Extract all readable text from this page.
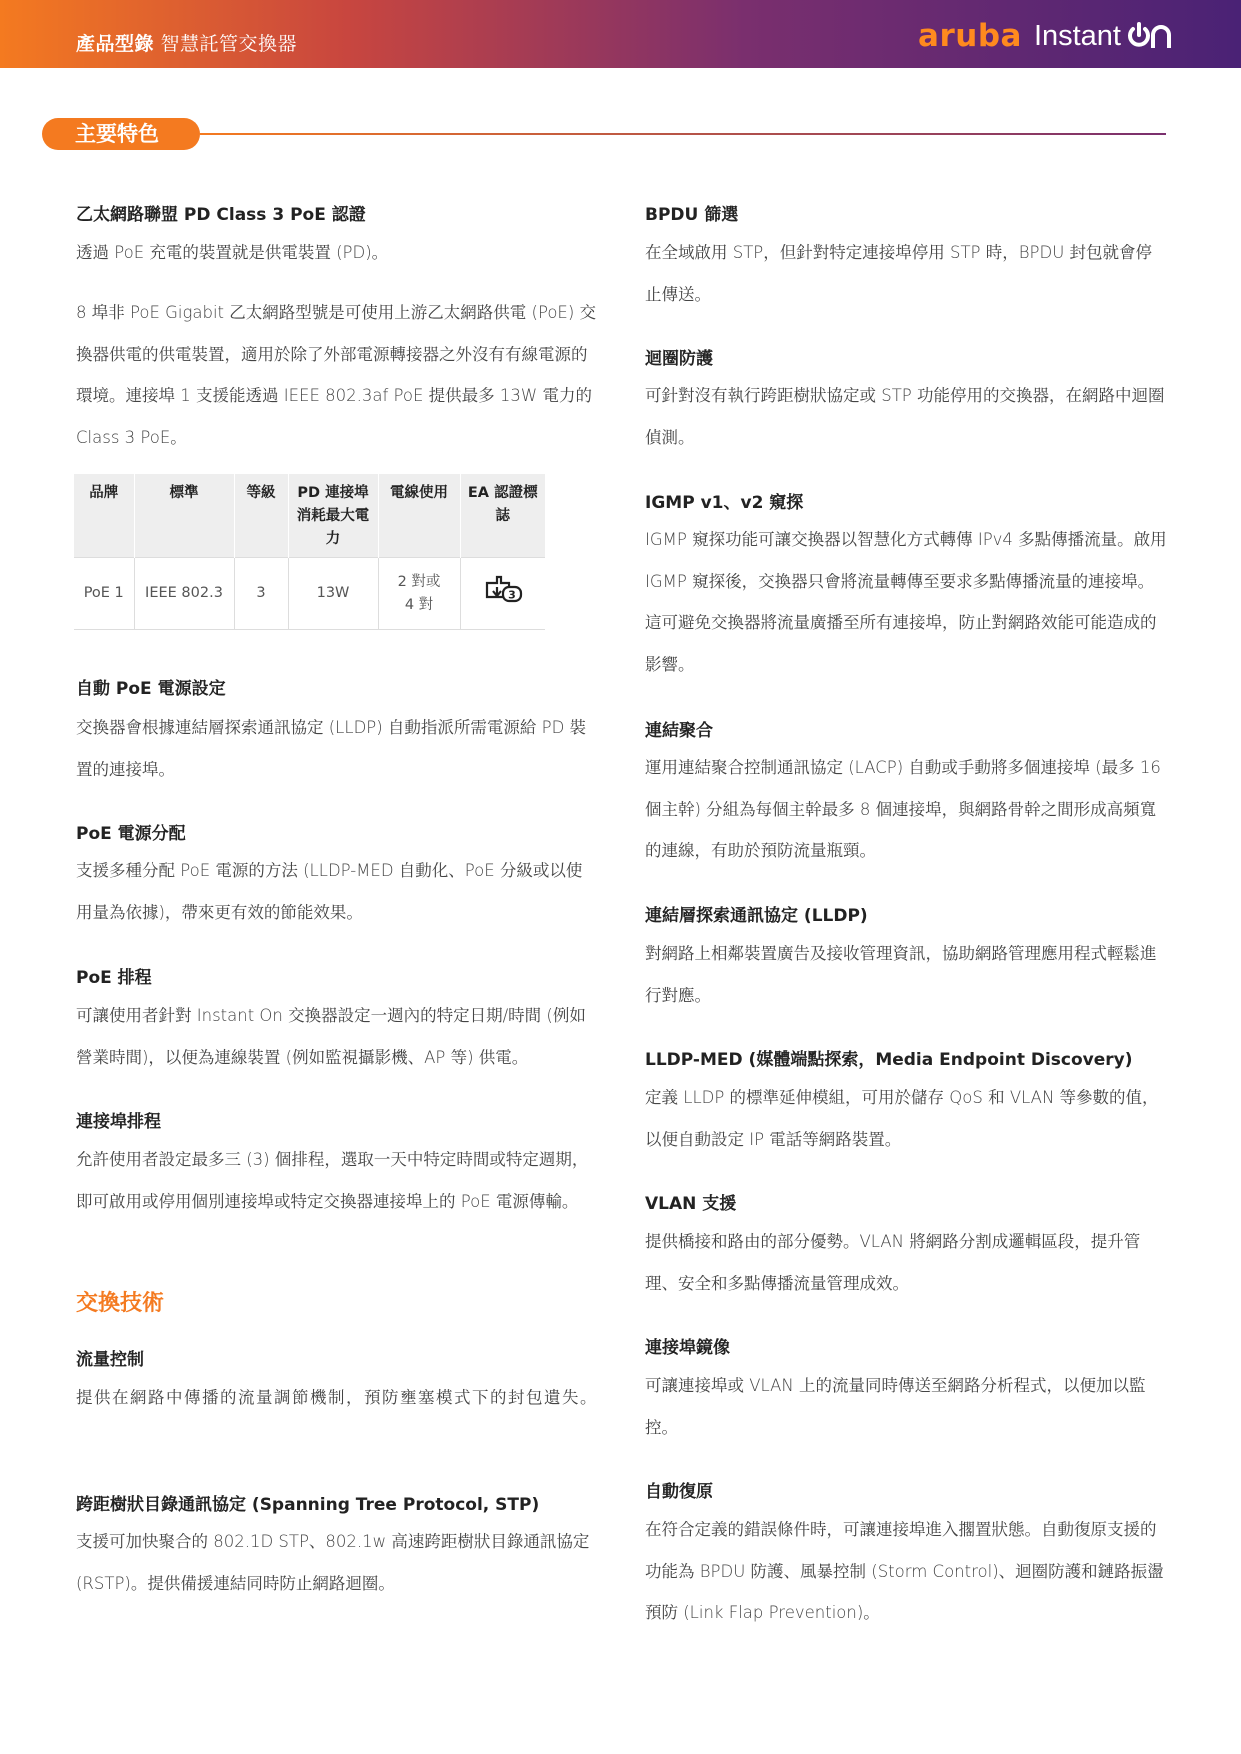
產品型錄 智慧託管交換器	aruba Instant
主要特色
乙太網路聯盟 PD Class 3 PoE 認證

透過 PoE 充電的裝置就是供電裝置 (PD)。

8 埠非 PoE Gigabit 乙太網路型號是可使用上游乙太網路供電 (PoE) 交換器供電的供電裝置，適用於除了外部電源轉接器之外沒有有線電源的環境。連接埠 1 支援能透過 IEEE 802.3af PoE 提供最多 13W 電力的 Class 3 PoE。

品牌	標準	等級	PD 連接埠消耗最大電力	電線使用	EA 認證標誌
PoE 1	IEEE 802.3	3	13W	2 對或 4 對	3
自動 PoE 電源設定

交換器會根據連結層探索通訊協定 (LLDP) 自動指派所需電源給 PD 裝置的連接埠。

PoE 電源分配

支援多種分配 PoE 電源的方法 (LLDP-MED 自動化、PoE 分級或以使用量為依據)，帶來更有效的節能效果。

PoE 排程

可讓使用者針對 Instant On 交換器設定一週內的特定日期/時間 (例如營業時間)，以便為連線裝置 (例如監視攝影機、AP 等) 供電。

連接埠排程

允許使用者設定最多三 (3) 個排程，選取一天中特定時間或特定週期，即可啟用或停用個別連接埠或特定交換器連接埠上的 PoE 電源傳輸。

交換技術
流量控制

提供在網路中傳播的流量調節機制，預防壅塞模式下的封包遺失。

跨距樹狀目錄通訊協定 (Spanning Tree Protocol, STP)

支援可加快聚合的 802.1D STP、802.1w 高速跨距樹狀目錄通訊協定 (RSTP)。提供備援連結同時防止網路迴圈。

BPDU 篩選

在全域啟用 STP，但針對特定連接埠停用 STP 時，BPDU 封包就會停止傳送。

迴圈防護

可針對沒有執行跨距樹狀協定或 STP 功能停用的交換器，在網路中迴圈偵測。

IGMP v1、v2 窺探

IGMP 窺探功能可讓交換器以智慧化方式轉傳 IPv4 多點傳播流量。啟用 IGMP 窺探後，交換器只會將流量轉傳至要求多點傳播流量的連接埠。這可避免交換器將流量廣播至所有連接埠，防止對網路效能可能造成的影響。

連結聚合

運用連結聚合控制通訊協定 (LACP) 自動或手動將多個連接埠 (最多 16 個主幹) 分組為每個主幹最多 8 個連接埠，與網路骨幹之間形成高頻寬的連線，有助於預防流量瓶頸。

連結層探索通訊協定 (LLDP)

對網路上相鄰裝置廣告及接收管理資訊，協助網路管理應用程式輕鬆進行對應。

LLDP-MED (媒體端點探索，Media Endpoint Discovery)

定義 LLDP 的標準延伸模組，可用於儲存 QoS 和 VLAN 等參數的值，以便自動設定 IP 電話等網路裝置。

VLAN 支援

提供橋接和路由的部分優勢。VLAN 將網路分割成邏輯區段，提升管理、安全和多點傳播流量管理成效。

連接埠鏡像

可讓連接埠或 VLAN 上的流量同時傳送至網路分析程式，以便加以監控。

自動復原

在符合定義的錯誤條件時，可讓連接埠進入擱置狀態。自動復原支援的功能為 BPDU 防護、風暴控制 (Storm Control)、迴圈防護和鏈路振盪預防 (Link Flap Prevention)。
